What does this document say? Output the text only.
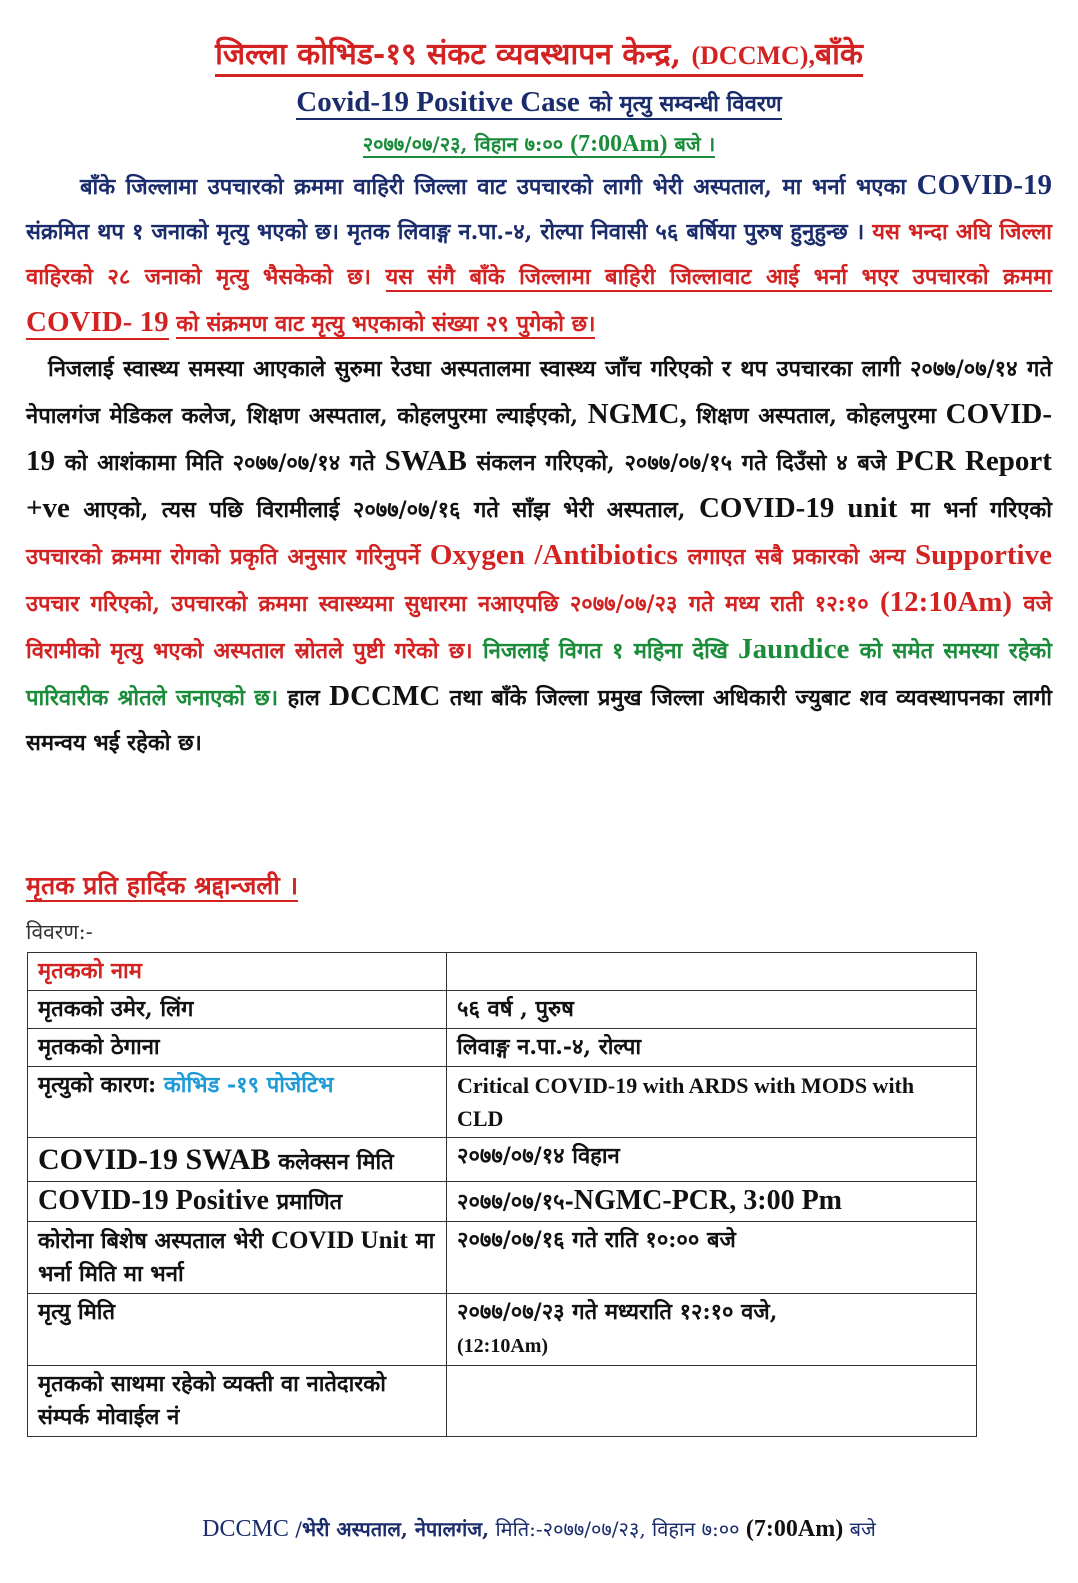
जिल्ला कोभिड-१९ संकट व्यवस्थापन केन्द्र, (DCCMC),बाँके
Covid-19 Positive Case को मृत्यु सम्वन्धी विवरण
२०७७/०७/२३, विहान ७:०० (7:00Am) बजे ।

बाँके जिल्लामा उपचारको क्रममा वाहिरी जिल्ला वाट उपचारको लागी भेरी अस्पताल, मा भर्ना भएका COVID-19 संक्रमित थप १ जनाको मृत्यु भएको छ। मृतक लिवाङ्ग न.पा.-४, रोल्पा निवासी ५६ बर्षिया पुरुष हुनुहुन्छ । यस भन्दा अघि जिल्ला वाहिरको २८ जनाको मृत्यु भैसकेको छ। यस संगै बाँके जिल्लामा बाहिरी जिल्लावाट आई भर्ना भएर उपचारको क्रममा COVID- 19 को संक्रमण वाट मृत्यु भएकाको संख्या २९ पुगेको छ।

निजलाई स्वास्थ्य समस्या आएकाले सुरुमा रेउघा अस्पतालमा स्वास्थ्य जाँच गरिएको र थप उपचारका लागी २०७७/०७/१४ गते नेपालगंज मेडिकल कलेज, शिक्षण अस्पताल, कोहलपुरमा ल्याईएको, NGMC, शिक्षण अस्पताल, कोहलपुरमा COVID-19 को आशंकामा मिति २०७७/०७/१४ गते SWAB संकलन गरिएको, २०७७/०७/१५ गते दिउँसो ४ बजे PCR Report +ve आएको, त्यस पछि विरामीलाई २०७७/०७/१६ गते साँझ भेरी अस्पताल, COVID-19 unit मा भर्ना गरिएको उपचारको क्रममा रोगको प्रकृति अनुसार गरिनुपर्ने Oxygen /Antibiotics लगाएत सबै प्रकारको अन्य Supportive उपचार गरिएको, उपचारको क्रममा स्वास्थ्यमा सुधारमा नआएपछि २०७७/०७/२३ गते मध्य राती १२:१० (12:10Am) वजे विरामीको मृत्यु भएको अस्पताल स्रोतले पुष्टी गरेको छ। निजलाई विगत १ महिना देखि Jaundice को समेत समस्या रहेको पारिवारीक श्रोतले जनाएको छ। हाल DCCMC तथा बाँके जिल्ला प्रमुख जिल्ला अधिकारी ज्युबाट शव व्यवस्थापनका लागी समन्वय भई रहेको छ।

मृतक प्रति हार्दिक श्रद्दान्जली ।
विवरण:-
मृतकको नाम	
मृतकको उमेर, लिंग	५६ वर्ष , पुरुष
मृतकको ठेगाना	लिवाङ्ग न.पा.-४, रोल्पा
मृत्युको कारण: कोभिड -१९ पोजेटिभ	Critical COVID-19 with ARDS with MODS with CLD
COVID-19 SWAB कलेक्सन मिति	२०७७/०७/१४ विहान
COVID-19 Positive प्रमाणित	२०७७/०७/१५-NGMC-PCR, 3:00 Pm
कोरोना बिशेष अस्पताल भेरी COVID Unit मा भर्ना मिति मा भर्ना	२०७७/०७/१६ गते राति १०:०० बजे
मृत्यु मिति	२०७७/०७/२३ गते मध्यराति १२:१० वजे,
(12:10Am)
मृतकको साथमा रहेको व्यक्ती वा नातेदारको संम्पर्क मोवाईल नं	
DCCMC /भेरी अस्पताल, नेपालगंज, मिति:-२०७७/०७/२३, विहान ७:०० (7:00Am) बजे
